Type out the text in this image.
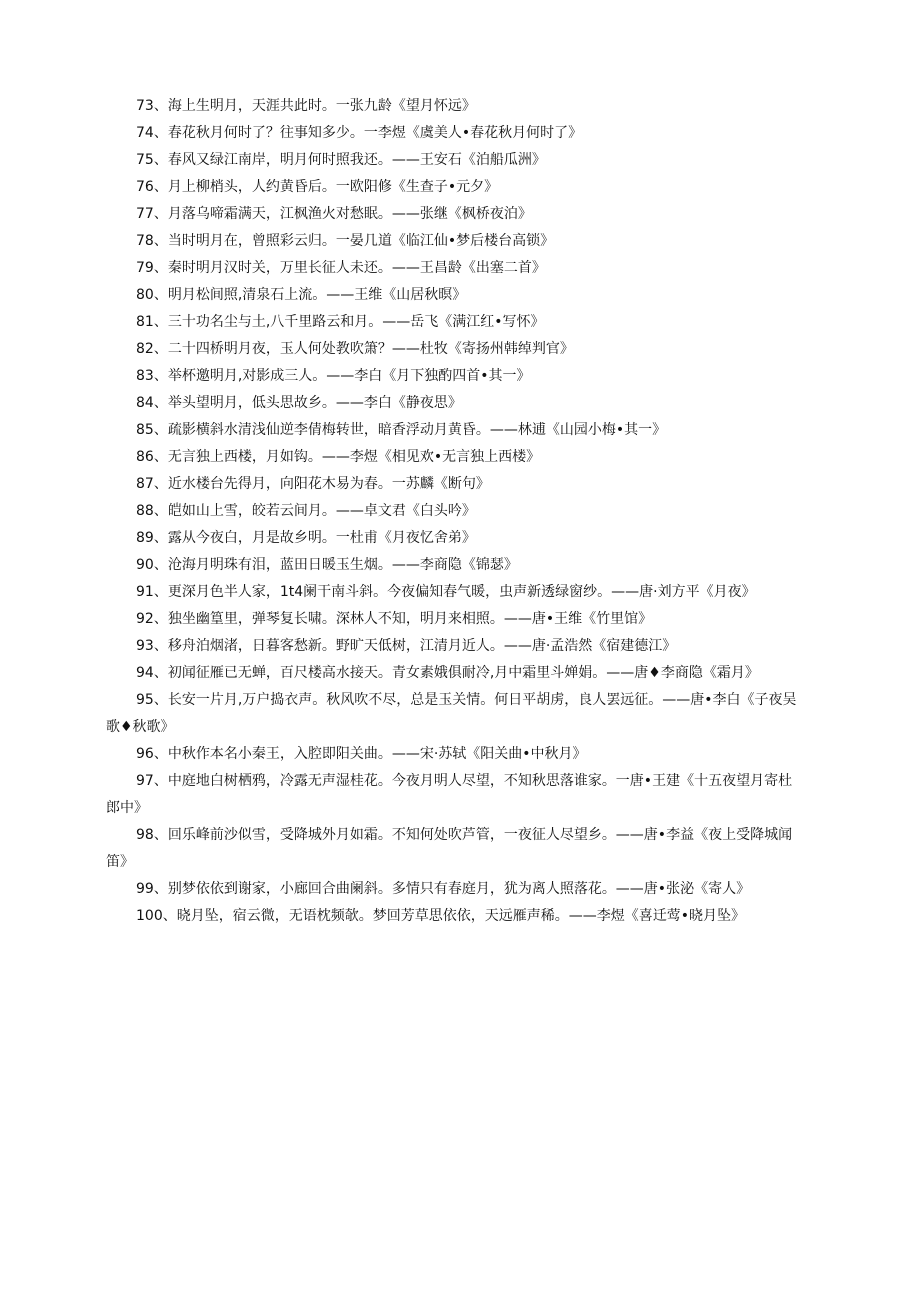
73、海上生明月，天涯共此时。一张九龄《望月怀远》
74、春花秋月何时了？往事知多少。一李煜《虞美人•春花秋月何时了》
75、春风又绿江南岸，明月何时照我还。——王安石《泊船瓜洲》
76、月上柳梢头，人约黄昏后。一欧阳修《生查子•元夕》
77、月落乌啼霜满天，江枫渔火对愁眠。——张继《枫桥夜泊》
78、当时明月在，曾照彩云归。一晏几道《临江仙•梦后楼台高锁》
79、秦时明月汉时关，万里长征人未还。——王昌龄《出塞二首》
80、明月松间照,清泉石上流。——王维《山居秋暝》
81、三十功名尘与土,八千里路云和月。——岳飞《满江红•写怀》
82、二十四桥明月夜，玉人何处教吹箫？——杜牧《寄扬州韩绰判官》
83、举杯邀明月,对影成三人。——李白《月下独酌四首•其一》
84、举头望明月，低头思故乡。——李白《静夜思》
85、疏影横斜水清浅仙逆李倩梅转世，暗香浮动月黄昏。——林逋《山园小梅•其一》
86、无言独上西楼，月如钩。——李煜《相见欢•无言独上西楼》
87、近水楼台先得月，向阳花木易为春。一苏麟《断句》
88、皑如山上雪，皎若云间月。——卓文君《白头吟》
89、露从今夜白，月是故乡明。一杜甫《月夜忆舍弟》
90、沧海月明珠有泪，蓝田日暖玉生烟。——李商隐《锦瑟》
91、更深月色半人家，1t4阑干南斗斜。今夜偏知春气暖，虫声新透绿窗纱。——唐·刘方平《月夜》
92、独坐幽篁里，弹琴复长啸。深林人不知，明月来相照。——唐•王维《竹里馆》
93、移舟泊烟渚，日暮客愁新。野旷天低树，江清月近人。——唐·孟浩然《宿建德江》
94、初闻征雁已无蝉，百尺楼高水接天。青女素娥俱耐冷,月中霜里斗婵娟。——唐♦李商隐《霜月》
95、长安一片月,万户捣衣声。秋风吹不尽，总是玉关情。何日平胡虏，良人罢远征。——唐•李白《子夜吴歌♦秋歌》
96、中秋作本名小秦王，入腔即阳关曲。——宋·苏轼《阳关曲•中秋月》
97、中庭地白树栖鸦，冷露无声湿桂花。今夜月明人尽望，不知秋思落谁家。一唐•王建《十五夜望月寄杜郎中》
98、回乐峰前沙似雪，受降城外月如霜。不知何处吹芦管，一夜征人尽望乡。——唐•李益《夜上受降城闻笛》
99、别梦依依到谢家，小廊回合曲阑斜。多情只有春庭月，犹为离人照落花。——唐•张泌《寄人》
100、晓月坠，宿云微，无语枕频欹。梦回芳草思依依，天远雁声稀。——李煜《喜迁莺•晓月坠》
